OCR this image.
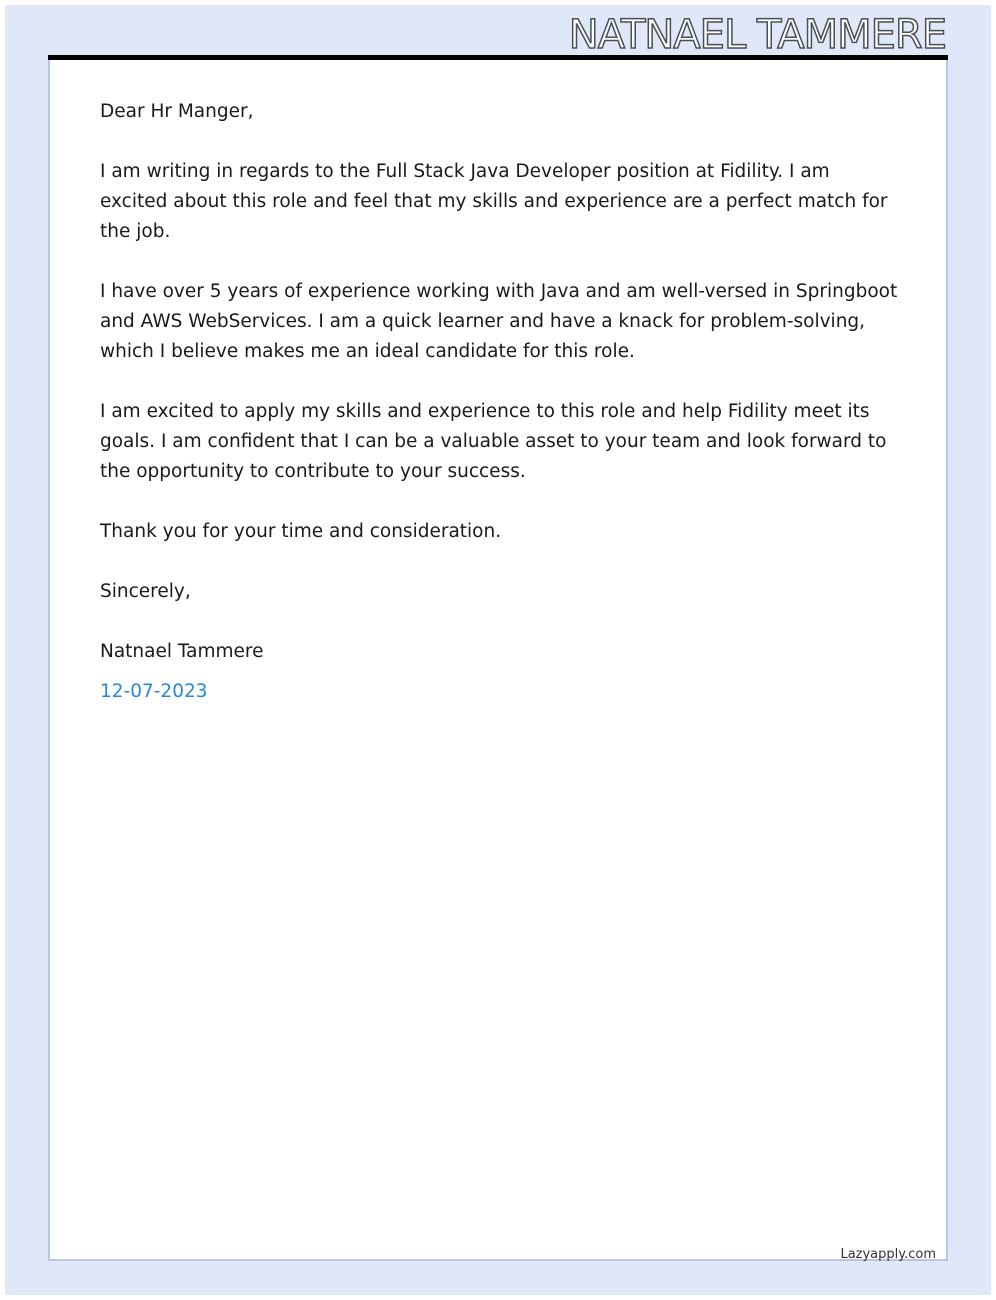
NATNAEL TAMMERE

Dear Hr Manger,

I am writing in regards to the Full Stack Java Developer position at Fidility. I am excited about this role and feel that my skills and experience are a perfect match for the job.

I have over 5 years of experience working with Java and am well-versed in Springboot and AWS WebServices. I am a quick learner and have a knack for problem-solving, which I believe makes me an ideal candidate for this role.

I am excited to apply my skills and experience to this role and help Fidility meet its goals. I am confident that I can be a valuable asset to your team and look forward to the opportunity to contribute to your success.

Thank you for your time and consideration.

Sincerely,

Natnael Tammere

12-07-2023

Lazyapply.com
